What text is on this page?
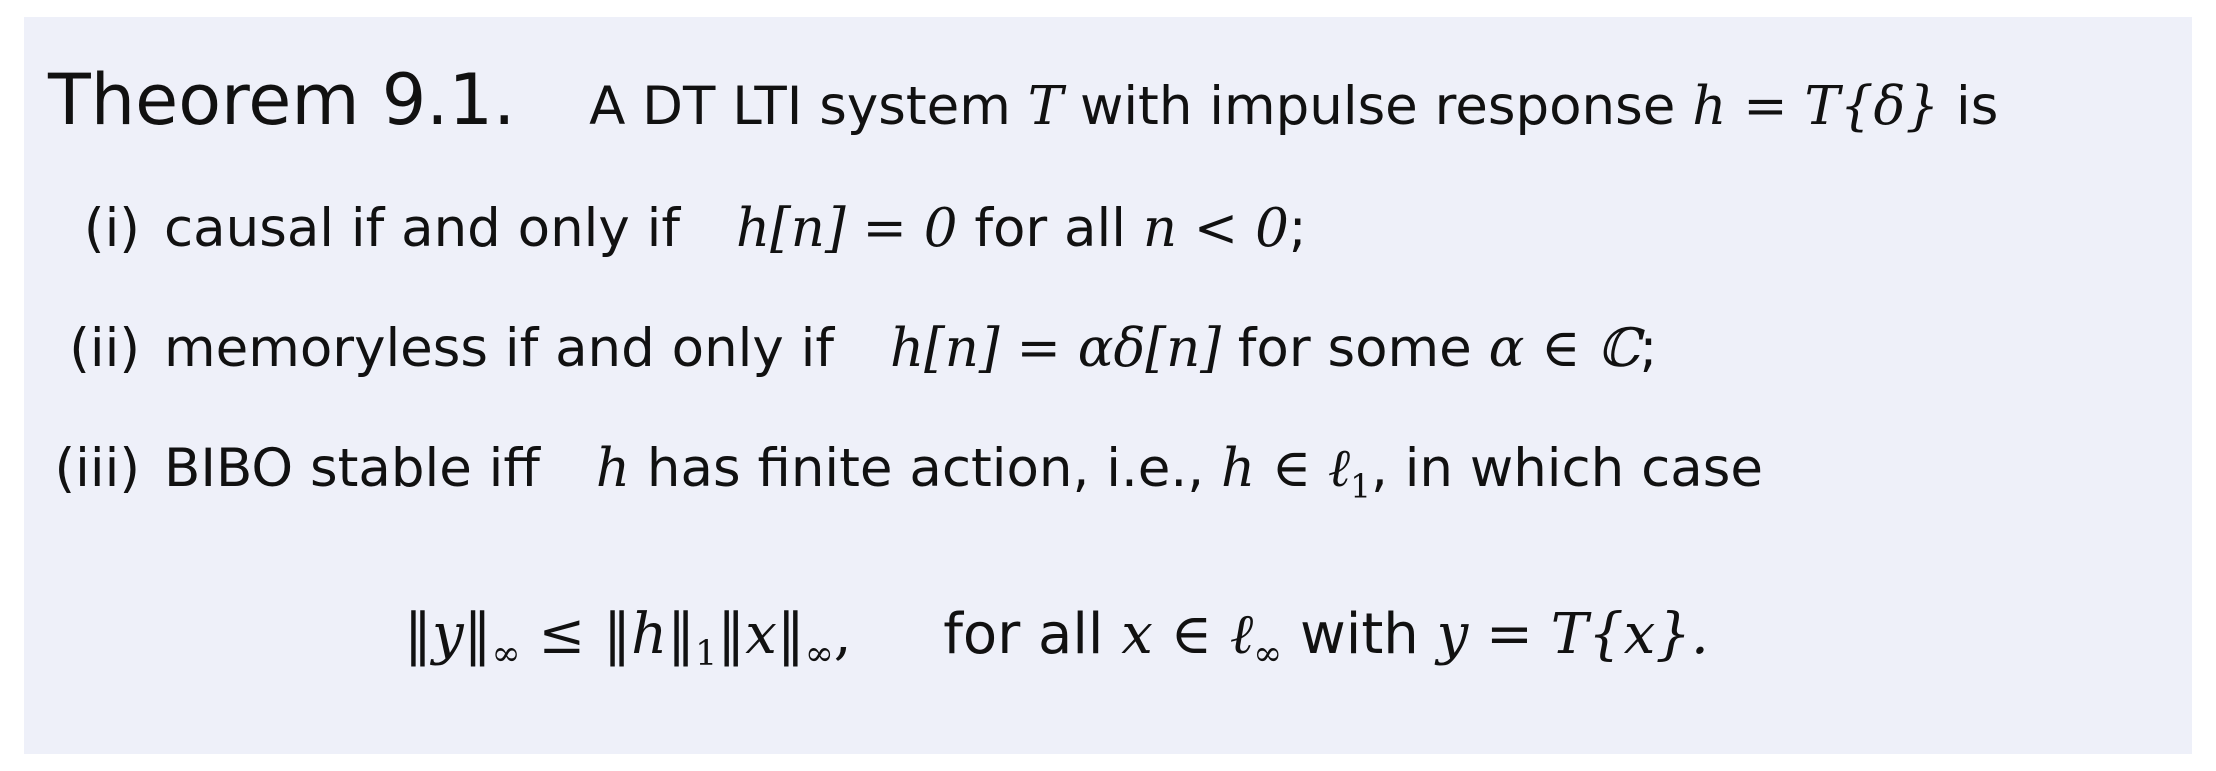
Theorem 9.1. A DT LTI system T with impulse response h = T{δ} is
(i) causal if and only if h[n] = 0 for all n < 0;
(ii) memoryless if and only if h[n] = αδ[n] for some α ∈ ℂ;
(iii) BIBO stable iff h has finite action, i.e., h ∈ ℓ$_1$, in which case
$‖y‖_\infty$ ≤ $‖h‖_1‖x‖_\infty$, for all x ∈ ℓ$_\infty$ with y = T{x}.
